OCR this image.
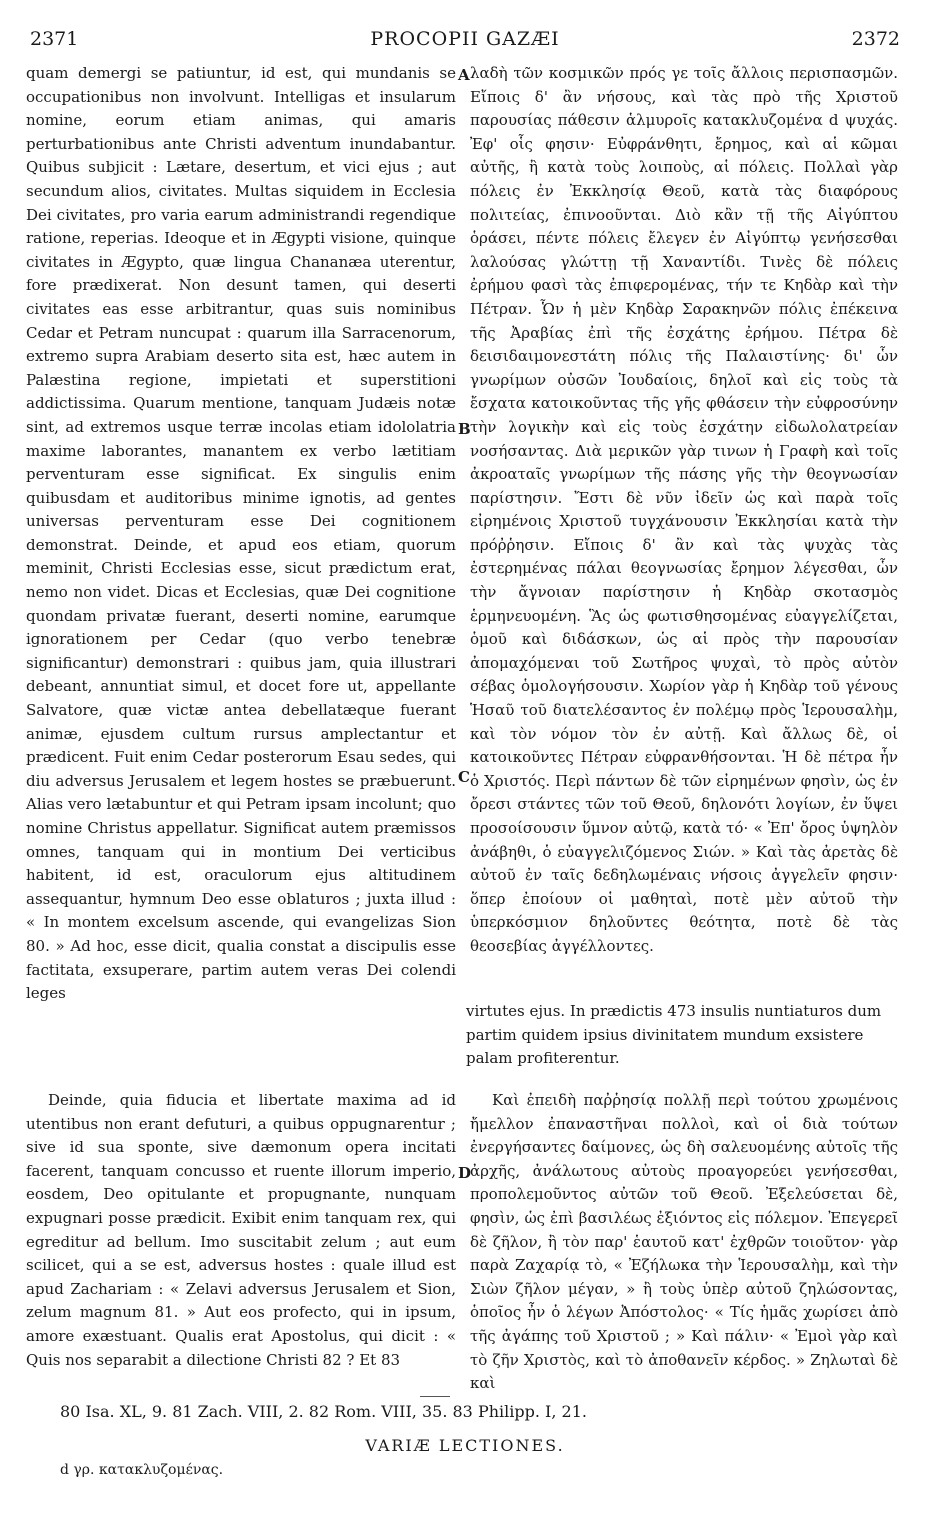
2371	PROCOPII GAZÆI	2372

quam demergi se patiuntur, id est, qui mundanis se occupationibus non involvunt. Intelligas et insularum nomine, eorum etiam animas, qui amaris perturbationibus ante Christi adventum inundabantur. Quibus subjicit : Lætare, desertum, et vici ejus ; aut secundum alios, civitates. Multas siquidem in Ecclesia Dei civitates, pro varia earum administrandi regendique ratione, reperias. Ideoque et in Ægypti visione, quinque civitates in Ægypto, quæ lingua Chananæa uterentur, fore prædixerat. Non desunt tamen, qui deserti civitates eas esse arbitrantur, quas suis nominibus Cedar et Petram nuncupat : quarum illa Sarracenorum, extremo supra Arabiam deserto sita est, hæc autem in Palæstina regione, impietati et superstitioni addictissima. Quarum mentione, tanquam Judæis notæ sint, ad extremos usque terræ incolas etiam idololatria maxime laborantes, manantem ex verbo lætitiam perventuram esse significat. Ex singulis enim quibusdam et auditoribus minime ignotis, ad gentes universas perventuram esse Dei cognitionem demonstrat. Deinde, et apud eos etiam, quorum meminit, Christi Ecclesias esse, sicut prædictum erat, nemo non videt. Dicas et Ecclesias, quæ Dei cognitione quondam privatæ fuerant, deserti nomine, earumque ignorationem per Cedar (quo verbo tenebræ significantur) demonstrari : quibus jam, quia illustrari debeant, annuntiat simul, et docet fore ut, appellante Salvatore, quæ victæ antea debellatæque fuerant animæ, ejusdem cultum rursus amplectantur et prædicent. Fuit enim Cedar posterorum Esau sedes, qui diu adversus Jerusalem et legem hostes se præbuerunt. Alias vero lætabuntur et qui Petram ipsam incolunt; quo nomine Christus appellatur. Significat autem præmissos omnes, tanquam qui in montium Dei verticibus habitent, id est, oraculorum ejus altitudinem assequantur, hymnum Deo esse oblaturos ; juxta illud : « In montem excelsum ascende, qui evangelizas Sion 80. » Ad hoc, esse dicit, qualia constat a discipulis esse factitata, exsuperare, partim autem veras Dei colendi leges

A
B
C
D

λαδὴ τῶν κοσμικῶν πρός γε τοῖς ἄλλοις περισπασμῶν. Εἴποις δ' ἂν νήσους, καὶ τὰς πρὸ τῆς Χριστοῦ παρουσίας πάθεσιν ἁλμυροῖς κατακλυζομένα d ψυχάς. Ἐφ' οἷς φησιν· Εὐφράνθητι, ἔρημος, καὶ αἱ κῶμαι αὐτῆς, ἢ κατὰ τοὺς λοιποὺς, αἱ πόλεις. Πολλαὶ γὰρ πόλεις ἐν Ἐκκλησίᾳ Θεοῦ, κατὰ τὰς διαφόρους πολιτείας, ἐπινοοῦνται. Διὸ κἂν τῇ τῆς Αἰγύπτου ὁράσει, πέντε πόλεις ἔλεγεν ἐν Αἰγύπτῳ γενήσεσθαι λαλούσας γλώττῃ τῇ Χαναντίδι. Τινὲς δὲ πόλεις ἐρήμου φασὶ τὰς ἐπιφερομένας, τήν τε Κηδὰρ καὶ τὴν Πέτραν. Ὧν ἡ μὲν Κηδὰρ Σαρακηνῶν πόλις ἐπέκεινα τῆς Ἀραβίας ἐπὶ τῆς ἐσχάτης ἐρήμου. Πέτρα δὲ δεισιδαιμονεστάτη πόλις τῆς Παλαιστίνης· δι' ὧν γνωρίμων οὐσῶν Ἰουδαίοις, δηλοῖ καὶ εἰς τοὺς τὰ ἔσχατα κατοικοῦντας τῆς γῆς φθάσειν τὴν εὐφροσύνην τὴν λογικὴν καὶ εἰς τοὺς ἐσχάτην εἰδωλολατρείαν νοσήσαντας. Διὰ μερικῶν γὰρ τινων ἡ Γραφὴ καὶ τοῖς ἀκροαταῖς γνωρίμων τῆς πάσης γῆς τὴν θεογνωσίαν παρίστησιν. Ἔστι δὲ νῦν ἰδεῖν ὡς καὶ παρὰ τοῖς εἰρημένοις Χριστοῦ τυγχάνουσιν Ἐκκλησίαι κατὰ τὴν πρόῤῥησιν. Εἴποις δ' ἂν καὶ τὰς ψυχὰς τὰς ἐστερημένας πάλαι θεογνωσίας ἔρημον λέγεσθαι, ὧν τὴν ἄγνοιαν παρίστησιν ἡ Κηδὰρ σκοτασμὸς ἑρμηνευομένη. Ἃς ὡς φωτισθησομένας εὐαγγελίζεται, ὁμοῦ καὶ διδάσκων, ὡς αἱ πρὸς τὴν παρουσίαν ἀπομαχόμεναι τοῦ Σωτῆρος ψυχαὶ, τὸ πρὸς αὐτὸν σέβας ὁμολογήσουσιν. Χωρίον γὰρ ἡ Κηδὰρ τοῦ γένους Ἡσαῦ τοῦ διατελέσαντος ἐν πολέμῳ πρὸς Ἱερουσαλὴμ, καὶ τὸν νόμον τὸν ἐν αὐτῇ. Καὶ ἄλλως δὲ, οἱ κατοικοῦντες Πέτραν εὐφρανθήσονται. Ἡ δὲ πέτρα ἦν ὁ Χριστός. Περὶ πάντων δὲ τῶν εἰρημένων φησὶν, ὡς ἐν ὄρεσι στάντες τῶν τοῦ Θεοῦ, δηλονότι λογίων, ἐν ὕψει προσοίσουσιν ὕμνον αὐτῷ, κατὰ τό· « Ἐπ' ὄρος ὑψηλὸν ἀνάβηθι, ὁ εὐαγγελιζόμενος Σιών. » Καὶ τὰς ἀρετὰς δὲ αὐτοῦ ἐν ταῖς δεδηλωμέναις νήσοις ἀγγελεῖν φησιν· ὅπερ ἐποίουν οἱ μαθηταὶ, ποτὲ μὲν αὐτοῦ τὴν ὑπερκόσμιον δηλοῦντες θεότητα, ποτὲ δὲ τὰς θεοσεβίας ἀγγέλλοντες.

virtutes ejus. In prædictis 473 insulis nuntiaturos dum partim quidem ipsius divinitatem mundum exsistere palam profiterentur.

Deinde, quia fiducia et libertate maxima ad id utentibus non erant defuturi, a quibus oppugnarentur ; sive id sua sponte, sive dæmonum opera incitati facerent, tanquam concusso et ruente illorum imperio, eosdem, Deo opitulante et propugnante, nunquam expugnari posse prædicit. Exibit enim tanquam rex, qui egreditur ad bellum. Imo suscitabit zelum ; aut eum scilicet, qui a se est, adversus hostes : quale illud est apud Zachariam : « Zelavi adversus Jerusalem et Sion, zelum magnum 81. » Aut eos profecto, qui in ipsum, amore exæstuant. Qualis erat Apostolus, qui dicit : « Quis nos separabit a dilectione Christi 82 ? Et 83

Καὶ ἐπειδὴ παῤῥησίᾳ πολλῇ περὶ τούτου χρωμένοις ἤμελλον ἐπαναστῆναι πολλοὶ, καὶ οἱ διὰ τούτων ἐνεργήσαντες δαίμονες, ὡς δὴ σαλευομένης αὐτοῖς τῆς ἀρχῆς, ἀνάλωτους αὐτοὺς προαγορεύει γενήσεσθαι, προπολεμοῦντος αὐτῶν τοῦ Θεοῦ. Ἐξελεύσεται δὲ, φησὶν, ὡς ἐπὶ βασιλέως ἐξιόντος εἰς πόλεμον. Ἐπεγερεῖ δὲ ζῆλον, ἢ τὸν παρ' ἑαυτοῦ κατ' ἐχθρῶν τοιοῦτον· γὰρ παρὰ Ζαχαρίᾳ τὸ, « Ἐζήλωκα τὴν Ἱερουσαλὴμ, καὶ τὴν Σιὼν ζῆλον μέγαν, » ἢ τοὺς ὑπὲρ αὐτοῦ ζηλώσοντας, ὁποῖος ἦν ὁ λέγων Ἀπόστολος· « Τίς ἡμᾶς χωρίσει ἀπὸ τῆς ἀγάπης τοῦ Χριστοῦ ; » Καὶ πάλιν· « Ἐμοὶ γὰρ καὶ τὸ ζῆν Χριστὸς, καὶ τὸ ἀποθανεῖν κέρδος. » Ζηλωταὶ δὲ καὶ

80 Isa. XL, 9. 81 Zach. VIII, 2. 82 Rom. VIII, 35. 83 Philipp. I, 21.
VARIÆ LECTIONES.
d γρ. κατακλυζομένας.
